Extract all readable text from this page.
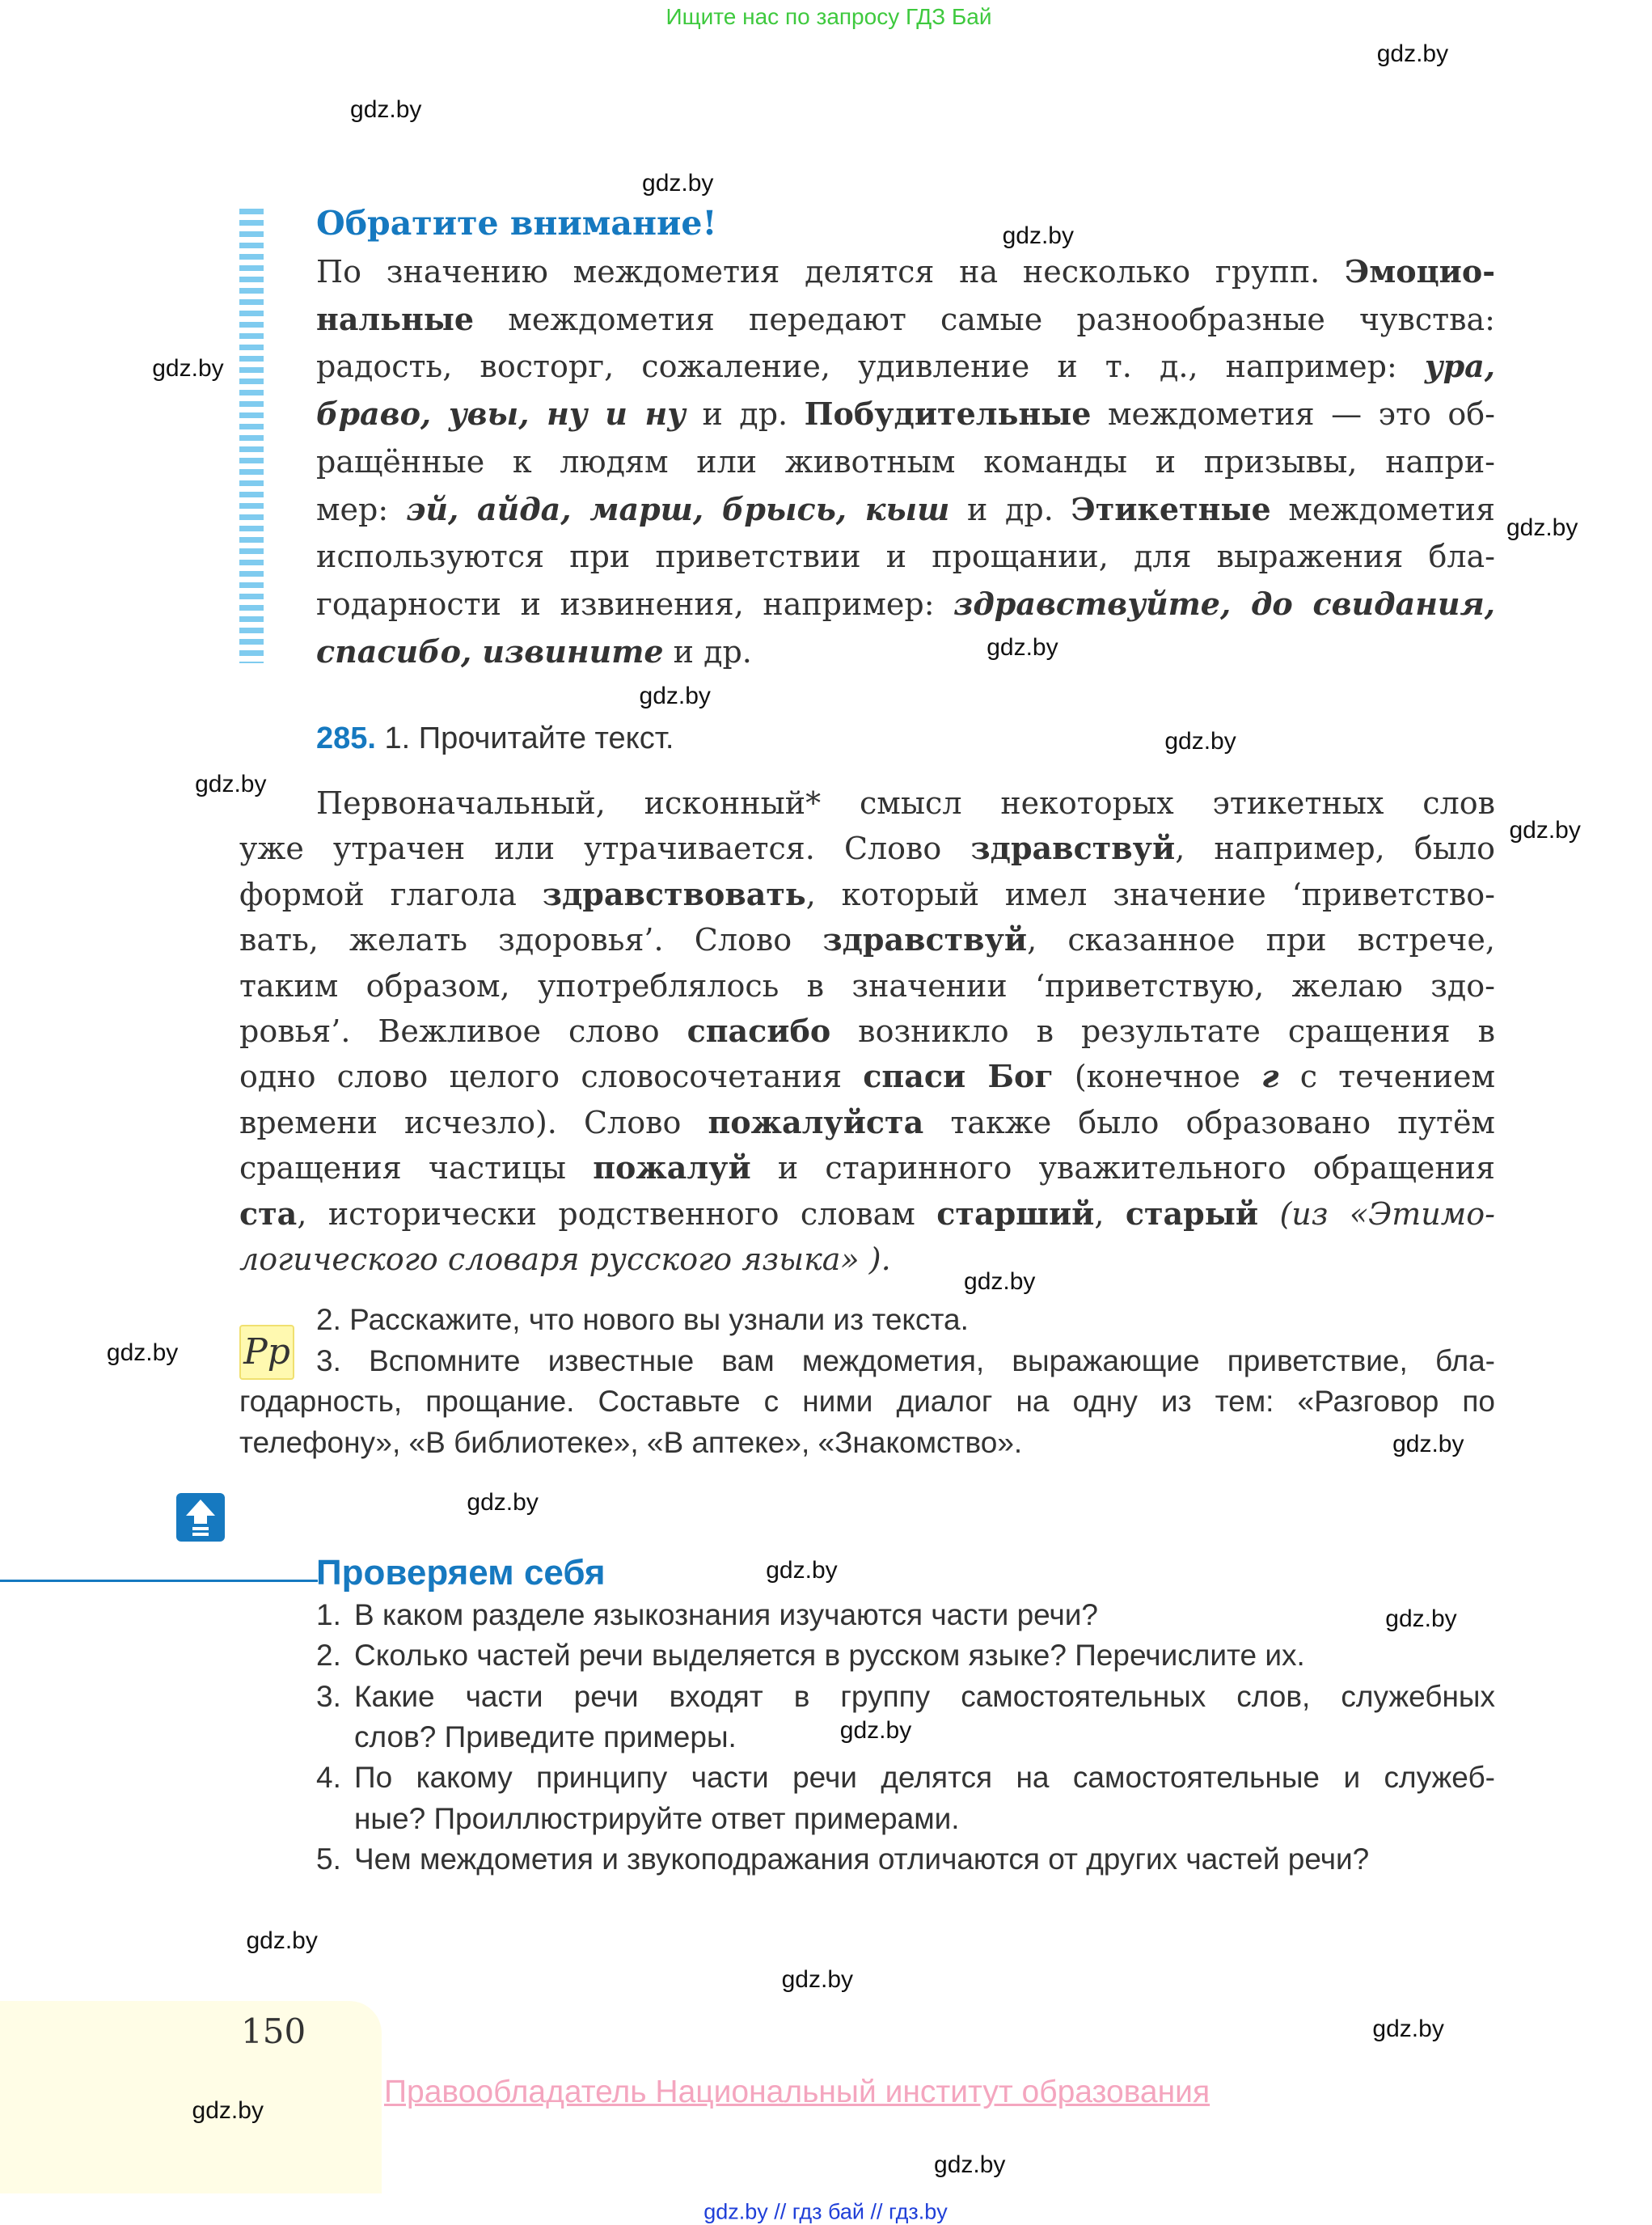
Ищите нас по запросу ГДЗ Бай
Обратите внимание!
По значению междометия делятся на несколько групп. Эмоцио-
нальные междометия передают самые разнообразные чувства:
радость, восторг, сожаление, удивление и т. д., например: ура,
браво, увы, ну и ну и др. Побудительные междометия — это об-
ращённые к людям или животным команды и призывы, напри-
мер: эй, айда, марш, брысь, кыш и др. Этикетные междометия
используются при приветствии и прощании, для выражения бла-
годарности и извинения, например: здравствуйте, до свидания,
спасибо, извините и др.
285. 1. Прочитайте текст.
Первоначальный, исконный* смысл некоторых этикетных слов
уже утрачен или утрачивается. Слово здравствуй, например, было
формой глагола здравствовать, который имел значение ‘приветство-
вать, желать здоровья’. Слово здравствуй, сказанное при встрече,
таким образом, употреблялось в значении ‘приветствую, желаю здо-
ровья’. Вежливое слово спасибо возникло в результате сращения в
одно слово целого словосочетания спаси Бог (конечное г с течением
времени исчезло). Слово пожалуйста также было образовано путём
сращения частицы пожалуй и старинного уважительного обращения
ста, исторически родственного словам старший, старый (из «Этимо-
логического словаря русского языка» ).
Pp
2. Расскажите, что нового вы узнали из текста.
3. Вспомните известные вам междометия, выражающие приветствие, бла-
годарность, прощание. Составьте с ними диалог на одну из тем: «Разговор по
телефону», «В библиотеке», «В аптеке», «Знакомство».
Проверяем себя
1. В каком разделе языкознания изучаются части речи?
2. Сколько частей речи выделяется в русском языке? Перечислите их.
3. Какие части речи входят в группу самостоятельных слов, служебных
слов? Приведите примеры.
4. По какому принципу части речи делятся на самостоятельные и служеб-
ные? Проиллюстрируйте ответ примерами.
5. Чем междометия и звукоподражания отличаются от других частей речи?
150
Правообладатель Национальный институт образования
gdz.by // гдз бай // гдз.by
gdz.by
gdz.by
gdz.by
gdz.by
gdz.by
gdz.by
gdz.by
gdz.by
gdz.by
gdz.by
gdz.by
gdz.by
gdz.by
gdz.by
gdz.by
gdz.by
gdz.by
gdz.by
gdz.by
gdz.by
gdz.by
gdz.by
gdz.by
